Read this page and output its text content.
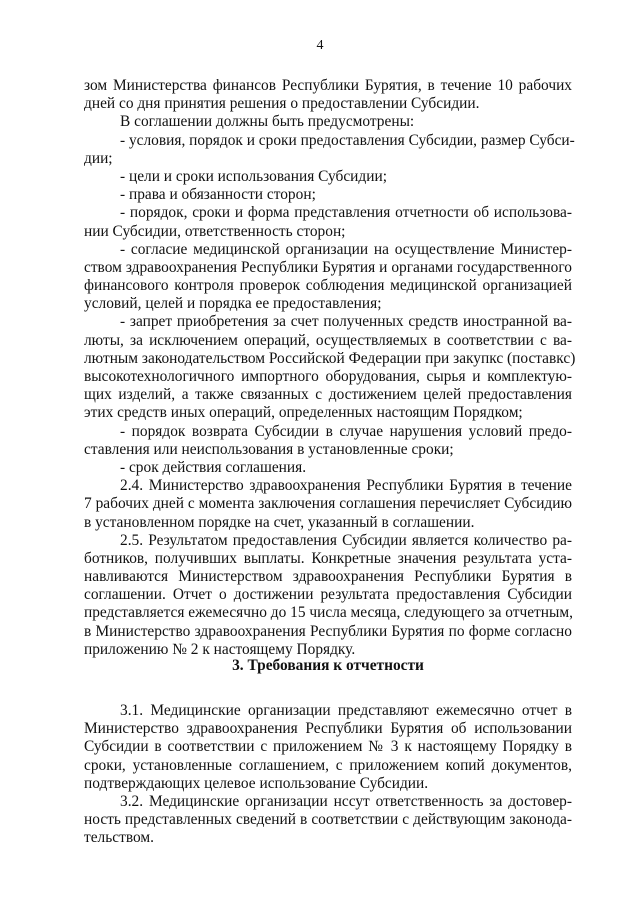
4
зом Министерства финансов Республики Бурятия, в течение 10 рабочих
дней со дня принятия решения о предоставлении Субсидии.
В соглашении должны быть предусмотрены:
- условия, порядок и сроки предоставления Субсидии, размер Субси-
дии;
- цели и сроки использования Субсидии;
- права и обязанности сторон;
- порядок, сроки и форма представления отчетности об использова-
нии Субсидии, ответственность сторон;
- согласие медицинской организации на осуществление Министер-
ством здравоохранения Республики Бурятия и органами государственного
финансового контроля проверок соблюдения медицинской организацией
условий, целей и порядка ее предоставления;
- запрет приобретения за счет полученных средств иностранной ва-
люты, за исключением операций, осуществляемых в соответствии с ва-
лютным законодательством Российской Федерации при закупкс (поставкс)
высокотехнологичного импортного оборудования, сырья и комплектую-
щих изделий, а также связанных с достижением целей предоставления
этих средств иных операций, определенных настоящим Порядком;
- порядок возврата Субсидии в случае нарушения условий предо-
ставления или неиспользования в установленные сроки;
- срок действия соглашения.
2.4. Министерство здравоохранения Республики Бурятия в течение
7 рабочих дней с момента заключения соглашения перечисляет Субсидию
в установленном порядке на счет, указанный в соглашении.
2.5. Результатом предоставления Субсидии является количество ра-
ботников, получивших выплаты. Конкретные значения результата уста-
навливаются Министерством здравоохранения Республики Бурятия в
соглашении. Отчет о достижении результата предоставления Субсидии
представляется ежемесячно до 15 числа месяца, следующего за отчетным,
в Министерство здравоохранения Республики Бурятия по форме согласно
приложению № 2 к настоящему Порядку.
3. Требования к отчетности
3.1. Медицинские организации представляют ежемесячно отчет в
Министерство здравоохранения Республики Бурятия об использовании
Субсидии в соответствии с приложением № 3 к настоящему Порядку в
сроки, установленные соглашением, с приложением копий документов,
подтверждающих целевое использование Субсидии.
3.2. Медицинские организации нссут ответственность за достовер-
ность представленных сведений в соответствии с действующим законода-
тельством.
